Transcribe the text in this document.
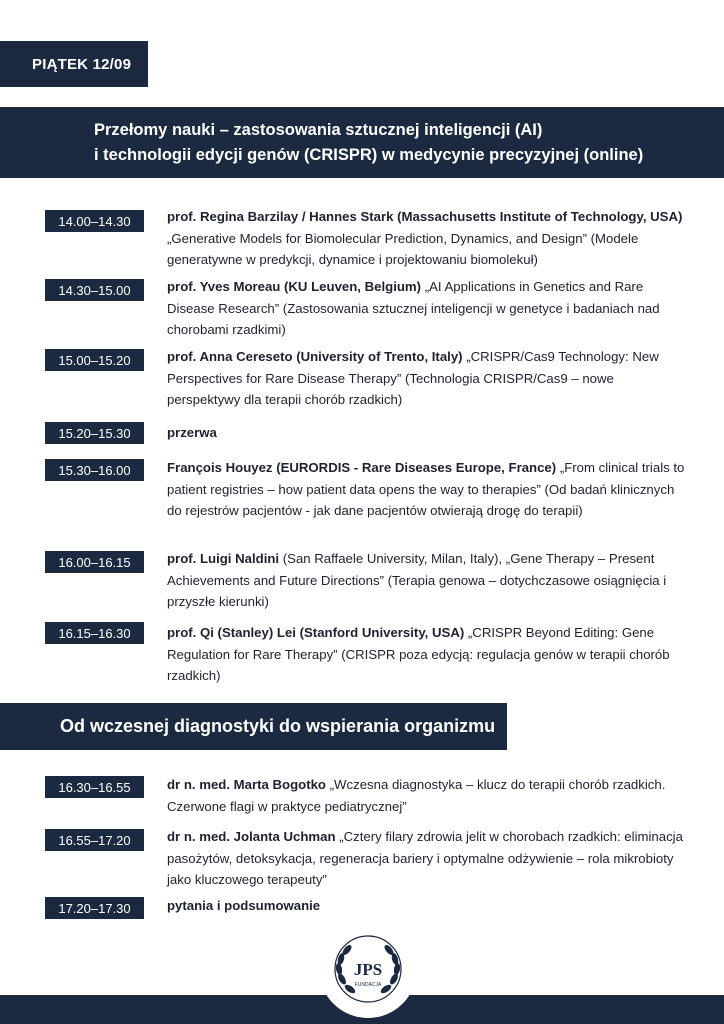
PIĄTEK 12/09
Przełomy nauki – zastosowania sztucznej inteligencji (AI)
i technologii edycji genów (CRISPR) w medycynie precyzyjnej (online)
14.00–14.30	prof. Regina Barzilay / Hannes Stark (Massachusetts Institute of Technology, USA) „Generative Models for Biomolecular Prediction, Dynamics, and Design” (Modele generatywne w predykcji, dynamice i projektowaniu biomolekuł)
14.30–15.00	prof. Yves Moreau (KU Leuven, Belgium) „AI Applications in Genetics and Rare Disease Research” (Zastosowania sztucznej inteligencji w genetyce i badaniach nad chorobami rzadkimi)
15.00–15.20	prof. Anna Cereseto (University of Trento, Italy) „CRISPR/Cas9 Technology: New Perspectives for Rare Disease Therapy” (Technologia CRISPR/Cas9 – nowe perspektywy dla terapii chorób rzadkich)
15.20–15.30	przerwa
15.30–16.00	François Houyez (EURORDIS - Rare Diseases Europe, France) „From clinical trials to patient registries – how patient data opens the way to therapies” (Od badań klinicznych do rejestrów pacjentów - jak dane pacjentów otwierają drogę do terapii)
16.00–16.15	prof. Luigi Naldini (San Raffaele University, Milan, Italy), „Gene Therapy – Present Achievements and Future Directions” (Terapia genowa – dotychczasowe osiągnięcia i przyszłe kierunki)
16.15–16.30	prof. Qi (Stanley) Lei (Stanford University, USA) „CRISPR Beyond Editing: Gene Regulation for Rare Therapy” (CRISPR poza edycją: regulacja genów w terapii chorób rzadkich)
Od wczesnej diagnostyki do wspierania organizmu
16.30–16.55	dr n. med. Marta Bogotko „Wczesna diagnostyka – klucz do terapii chorób rzadkich. Czerwone flagi w praktyce pediatrycznej”
16.55–17.20	dr n. med. Jolanta Uchman „Cztery filary zdrowia jelit w chorobach rzadkich: eliminacja pasożytów, detoksykacja, regeneracja bariery i optymalne odżywienie – rola mikrobioty jako kluczowego terapeuty”
17.20–17.30	pytania i podsumowanie
JPS
FUNDACJA
